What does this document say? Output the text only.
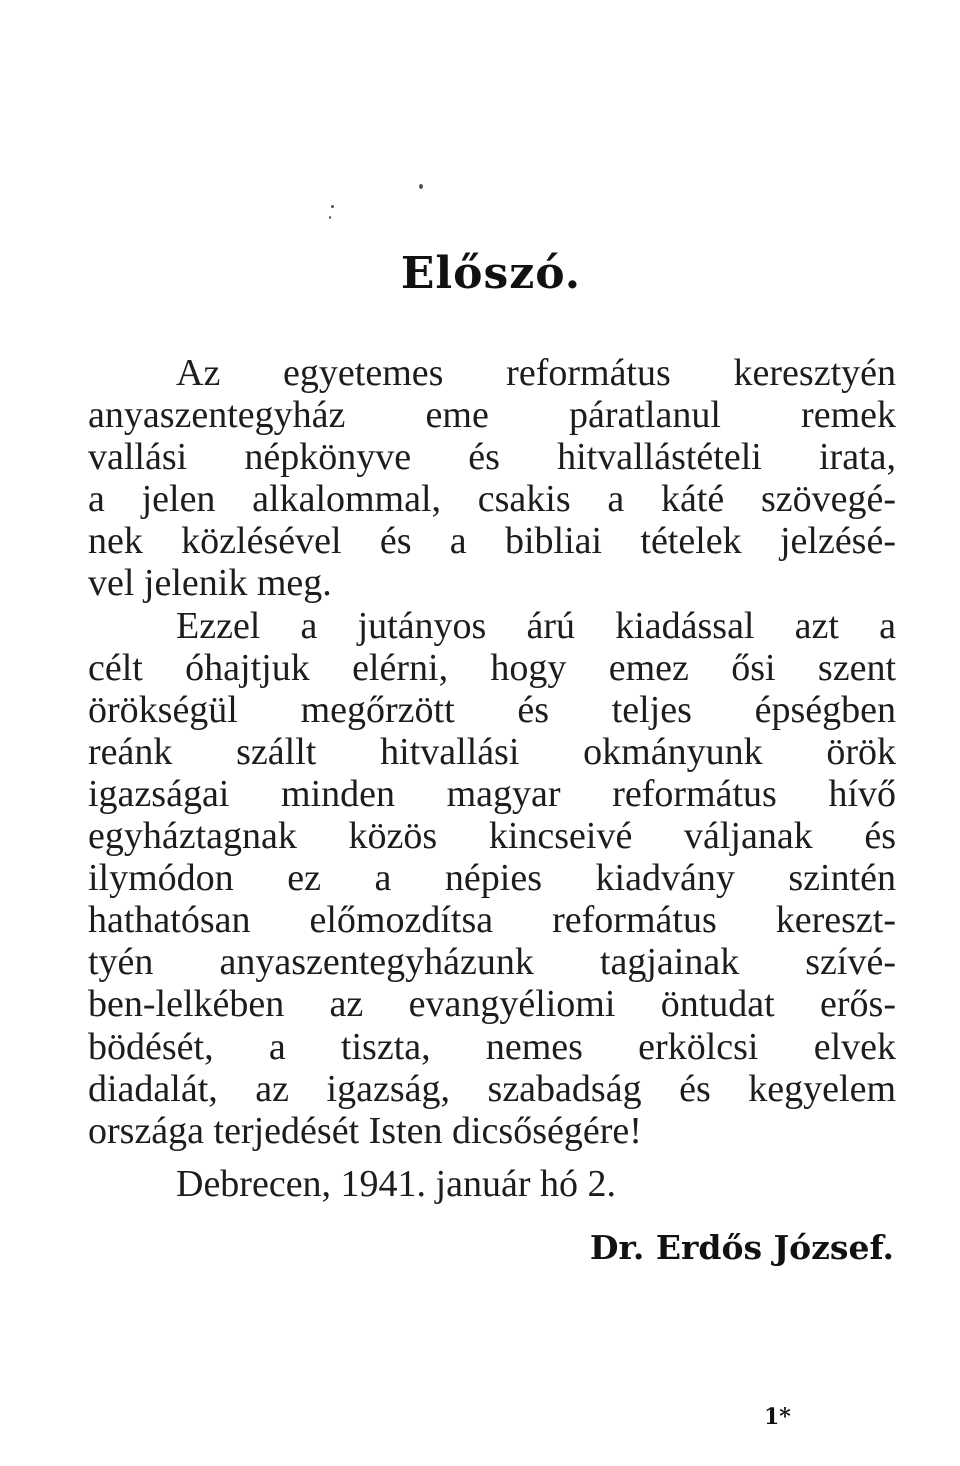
Előszó.
Az egyetemes református keresztyén
anyaszentegyház eme páratlanul remek
vallási népkönyve és hitvallástételi irata,
a jelen alkalommal, csakis a káté szövegé-
nek közlésével és a bibliai tételek jelzésé-
vel jelenik meg.
Ezzel a jutányos árú kiadással azt a
célt óhajtjuk elérni, hogy emez ősi szent
örökségül megőrzött és teljes épségben
reánk szállt hitvallási okmányunk örök
igazságai minden magyar református hívő
egyháztagnak közös kincseivé váljanak és
ilymódon ez a népies kiadvány szintén
hathatósan előmozdítsa református kereszt-
tyén anyaszentegyházunk tagjainak szívé-
ben-lelkében az evangyéliomi öntudat erős-
bödését, a tiszta, nemes erkölcsi elvek
diadalát, az igazság, szabadság és kegyelem
országa terjedését Isten dicsőségére!
Debrecen, 1941. január hó 2.
Dr. Erdős József.
1*
